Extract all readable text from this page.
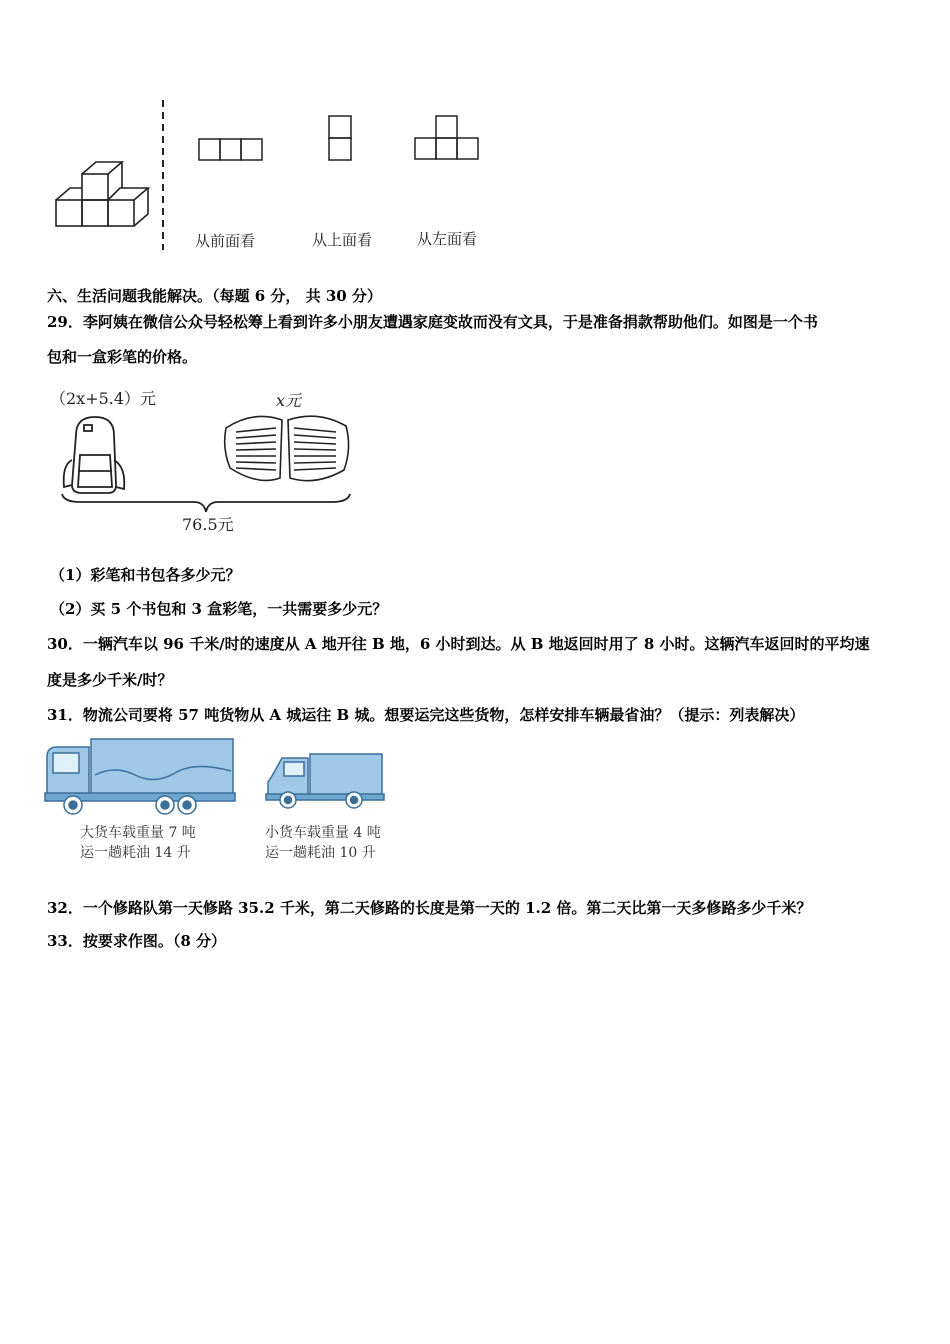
从前面看	从上面看	从左面看
六、生活问题我能解决。（每题 6 分， 共 30 分）
29．李阿姨在微信公众号轻松筹上看到许多小朋友遭遇家庭变故而没有文具，于是准备捐款帮助他们。如图是一个书
包和一盒彩笔的价格。
（2x+5.4）元	x元
76.5元
（1）彩笔和书包各多少元？
（2）买 5 个书包和 3 盒彩笔，一共需要多少元？
30．一辆汽车以 96 千米/时的速度从 A 地开往 B 地，6 小时到达。从 B 地返回时用了 8 小时。这辆汽车返回时的平均速
度是多少千米/时？
31．物流公司要将 57 吨货物从 A 城运往 B 城。想要运完这些货物，怎样安排车辆最省油？（提示：列表解决）
大货车载重量 7 吨
运一趟耗油 14 升
小货车载重量 4 吨
运一趟耗油 10 升
32．一个修路队第一天修路 35.2 千米，第二天修路的长度是第一天的 1.2 倍。第二天比第一天多修路多少千米？
33．按要求作图。（8 分）
